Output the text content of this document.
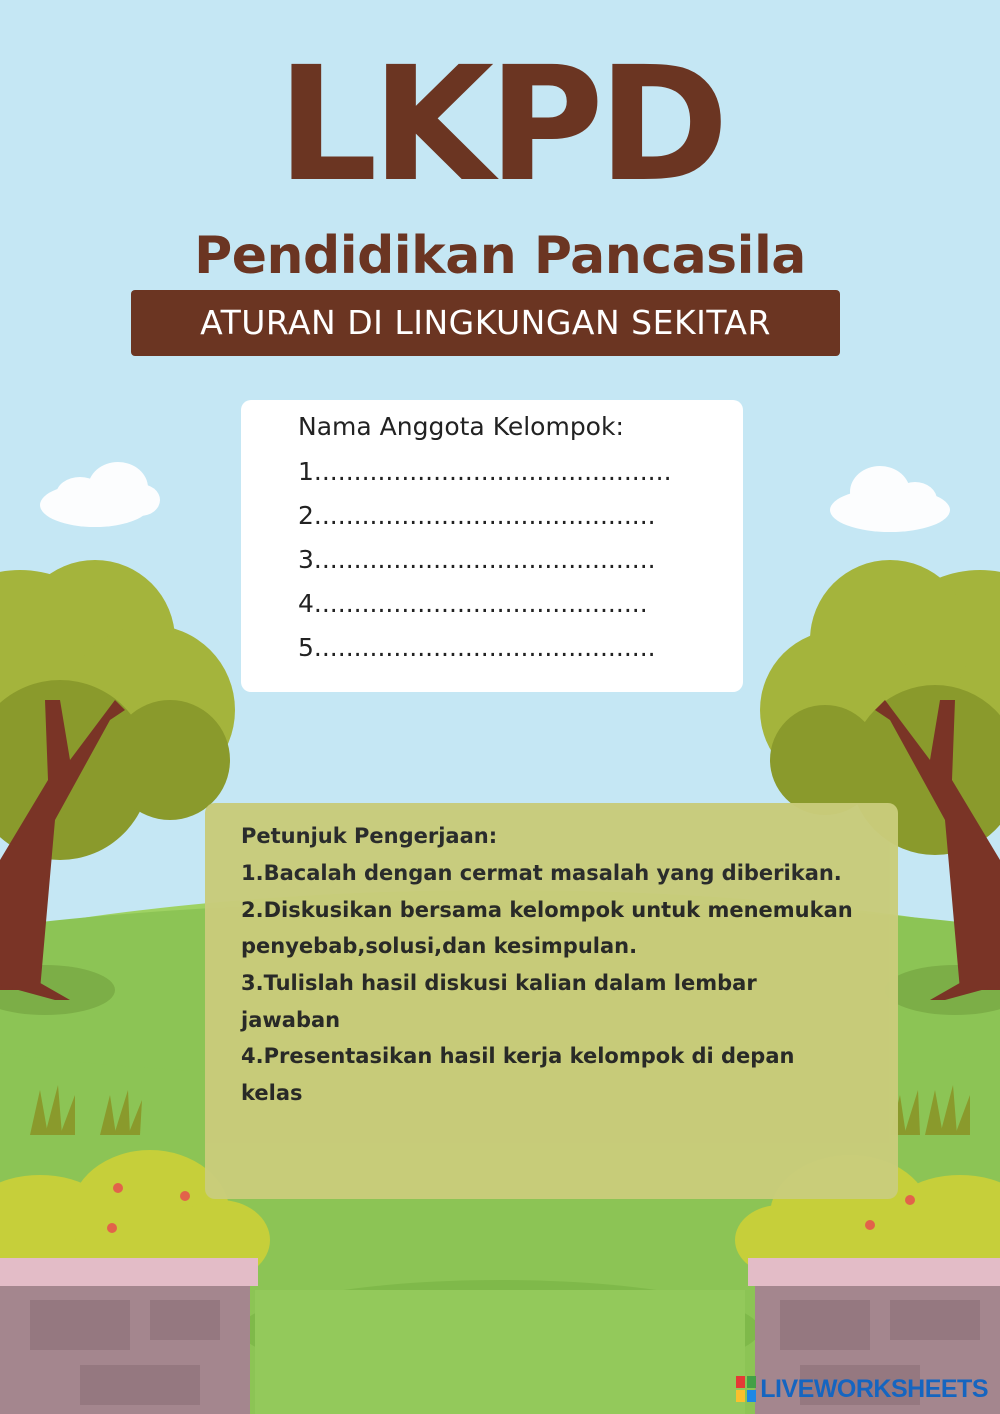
LKPD
Pendidikan Pancasila
ATURAN DI LINGKUNGAN SEKITAR
Nama Anggota Kelompok:
1.............................................
2...........................................
3...........................................
4..........................................
5...........................................
Petunjuk Pengerjaan:
1.Bacalah dengan cermat masalah yang diberikan.
2.Diskusikan bersama kelompok untuk menemukan
penyebab,solusi,dan kesimpulan.
3.Tulislah hasil diskusi kalian dalam lembar
jawaban
4.Presentasikan hasil kerja kelompok di depan
kelas
LIVEWORKSHEETS
